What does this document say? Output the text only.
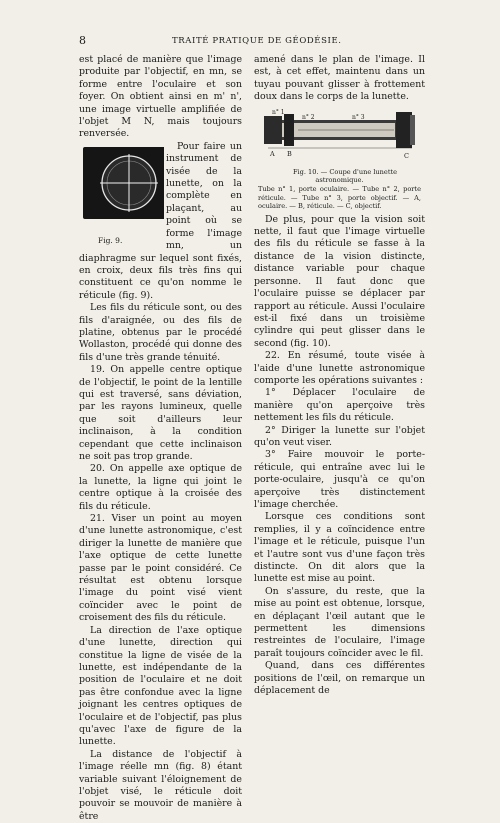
8	TRAITÉ PRATIQUE DE GÉODÉSIE.

est placé de manière que l'image produite par l'objectif, en mn, se forme entre l'oculaire et son foyer. On obtient ainsi en m' n', une image virtuelle amplifiée de l'objet M N, mais toujours renversée.

Fig. 9.
Pour faire un instrument de visée de la lunette, on la complète en plaçant, au point où se forme l'image mn, un diaphragme sur lequel sont fixés, en croix, deux fils très fins qui constituent ce qu'on nomme le réticule (fig. 9).

Les fils du réticule sont, ou des fils d'araignée, ou des fils de platine, obtenus par le procédé Wollaston, procédé qui donne des fils d'une très grande ténuité.

19. On appelle centre optique de l'objectif, le point de la lentille qui est traversé, sans déviation, par les rayons lumineux, quelle que soit d'ailleurs leur inclinaison, à la condition cependant que cette inclinaison ne soit pas trop grande.

20. On appelle axe optique de la lunette, la ligne qui joint le centre optique à la croisée des fils du réticule.

21. Viser un point au moyen d'une lunette astronomique, c'est diriger la lunette de manière que l'axe optique de cette lunette passe par le point considéré. Ce résultat est obtenu lorsque l'image du point visé vient coïncider avec le point de croisement des fils du réticule.

La direction de l'axe optique d'une lunette, direction qui constitue la ligne de visée de la lunette, est indépendante de la position de l'oculaire et ne doit pas être confondue avec la ligne joignant les centres optiques de l'oculaire et de l'objectif, pas plus qu'avec l'axe de figure de la lunette.

La distance de l'objectif à l'image réelle mn (fig. 8) étant variable suivant l'éloignement de l'objet visé, le réticule doit pouvoir se mouvoir de manière à être

amené dans le plan de l'image. Il est, à cet effet, maintenu dans un tuyau pouvant glisser à frottement doux dans le corps de la lunette.

n° 1
n° 2	n° 3
A B	C

Fig. 10. — Coupe d'une lunette astronomique.
Tube n° 1, porte oculaire. — Tube n° 2, porte réticule. — Tube n° 3, porte objectif. — A, oculaire. — B, réticule. — C, objectif.

De plus, pour que la vision soit nette, il faut que l'image virtuelle des fils du réticule se fasse à la distance de la vision distincte, distance variable pour chaque personne. Il faut donc que l'oculaire puisse se déplacer par rapport au réticule. Aussi l'oculaire est-il fixé dans un troisième cylindre qui peut glisser dans le second (fig. 10).

22. En résumé, toute visée à l'aide d'une lunette astronomique comporte les opérations suivantes :

1° Déplacer l'oculaire de manière qu'on aperçoive très nettement les fils du réticule.

2° Diriger la lunette sur l'objet qu'on veut viser.

3° Faire mouvoir le porte-réticule, qui entraîne avec lui le porte-oculaire, jusqu'à ce qu'on aperçoive très distinctement l'image cherchée.

Lorsque ces conditions sont remplies, il y a coïncidence entre l'image et le réticule, puisque l'un et l'autre sont vus d'une façon très distincte. On dit alors que la lunette est mise au point.

On s'assure, du reste, que la mise au point est obtenue, lorsque, en déplaçant l'œil autant que le permettent les dimensions restreintes de l'oculaire, l'image paraît toujours coïncider avec le fil.

Quand, dans ces différentes positions de l'œil, on remarque un déplacement de
